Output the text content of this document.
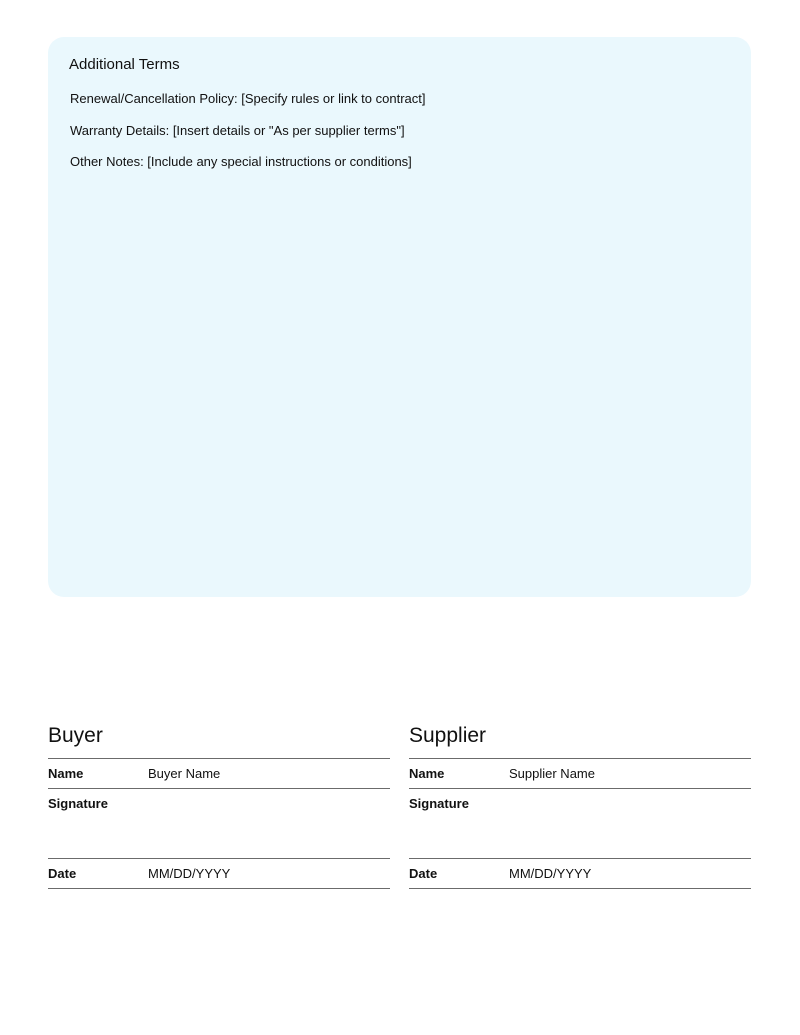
Additional Terms
Renewal/Cancellation Policy: [Specify rules or link to contract]
Warranty Details: [Insert details or "As per supplier terms"]
Other Notes: [Include any special instructions or conditions]
Buyer
Name	Buyer Name
Signature
Date	MM/DD/YYYY
Supplier
Name	Supplier Name
Signature
Date	MM/DD/YYYY
